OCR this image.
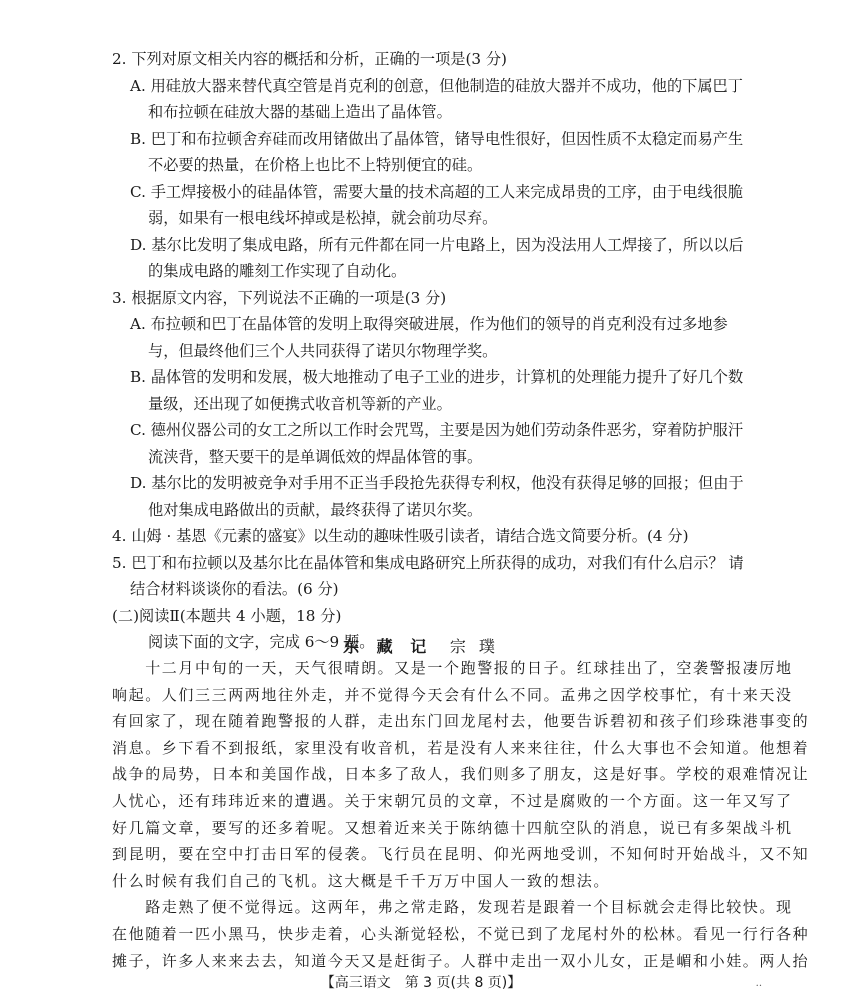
2. 下列对原文相关内容的概括和分析，正确的一项是(3 分)
A. 用硅放大器来替代真空管是肖克利的创意，但他制造的硅放大器并不成功，他的下属巴丁
和布拉顿在硅放大器的基础上造出了晶体管。
B. 巴丁和布拉顿舍弃硅而改用锗做出了晶体管，锗导电性很好，但因性质不太稳定而易产生
不必要的热量，在价格上也比不上特别便宜的硅。
C. 手工焊接极小的硅晶体管，需要大量的技术高超的工人来完成昂贵的工序，由于电线很脆
弱，如果有一根电线坏掉或是松掉，就会前功尽弃。
D. 基尔比发明了集成电路，所有元件都在同一片电路上，因为没法用人工焊接了，所以以后
的集成电路的雕刻工作实现了自动化。
3. 根据原文内容，下列说法不正确的一项是(3 分)
A. 布拉顿和巴丁在晶体管的发明上取得突破进展，作为他们的领导的肖克利没有过多地参
与，但最终他们三个人共同获得了诺贝尔物理学奖。
B. 晶体管的发明和发展，极大地推动了电子工业的进步，计算机的处理能力提升了好几个数
量级，还出现了如便携式收音机等新的产业。
C. 德州仪器公司的女工之所以工作时会咒骂，主要是因为她们劳动条件恶劣，穿着防护服汗
流浃背，整天要干的是单调低效的焊晶体管的事。
D. 基尔比的发明被竞争对手用不正当手段抢先获得专利权，他没有获得足够的回报；但由于
他对集成电路做出的贡献，最终获得了诺贝尔奖。
4. 山姆 · 基恩《元素的盛宴》以生动的趣味性吸引读者，请结合选文简要分析。(4 分)
5. 巴丁和布拉顿以及基尔比在晶体管和集成电路研究上所获得的成功，对我们有什么启示？ 请
结合材料谈谈你的看法。(6 分)
(二)阅读Ⅱ(本题共 4 小题，18 分)
阅读下面的文字，完成 6～9 题。
东 藏 记 宗 璞
　　十二月中旬的一天，天气很晴朗。又是一个跑警报的日子。红球挂出了，空袭警报凄厉地
响起。人们三三两两地往外走，并不觉得今天会有什么不同。孟弗之因学校事忙，有十来天没
有回家了，现在随着跑警报的人群，走出东门回龙尾村去，他要告诉碧初和孩子们珍珠港事变的
消息。乡下看不到报纸，家里没有收音机，若是没有人来来往往，什么大事也不会知道。他想着
战争的局势，日本和美国作战，日本多了敌人，我们则多了朋友，这是好事。学校的艰难情况让
人忧心，还有玮玮近来的遭遇。关于宋朝冗员的文章，不过是腐败的一个方面。这一年又写了
好几篇文章，要写的还多着呢。又想着近来关于陈纳德十四航空队的消息，说已有多架战斗机
到昆明，要在空中打击日军的侵袭。飞行员在昆明、仰光两地受训，不知何时开始战斗，又不知
什么时候有我们自己的飞机。这大概是千千万万中国人一致的想法。
　　路走熟了便不觉得远。这两年，弗之常走路，发现若是跟着一个目标就会走得比较快。现
在他随着一匹小黑马，快步走着，心头渐觉轻松，不觉已到了龙尾村外的松林。看见一行行各种
摊子，许多人来来去去，知道今天又是赶街子。人群中走出一双小儿女，正是嵋和小娃。两人抬
【高三语文　第 3 页(共 8 页)】	..
